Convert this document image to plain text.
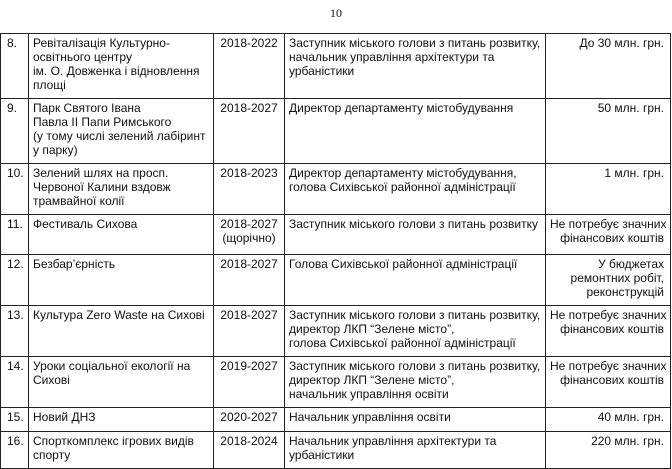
10
8.	Ревіталізація Культурно-
освітнього центру
ім. О. Довженка і відновлення
площі	2018-2022	Заступник міського голови з питань розвитку,
начальник управління архітектури та
урбаністики	До 30 млн. грн.

9.	Парк Святого Івана
Павла II Папи Римського
(у тому числі зелений лабіринт
у парку)	2018-2027	Директор департаменту містобудування	50 млн. грн.

10.	Зелений шлях на просп.
Червоної Калини вздовж
трамвайної колії	2018-2023	Директор департаменту містобудування,
голова Сихівської районної адміністрації	1 млн. грн.

11.	Фестиваль Сихова	2018-2027
(щорічно)	Заступник міського голови з питань розвитку	Не потребує значних
фінансових коштів

12.	Безбар’єрність	2018-2027	Голова Сихівської районної адміністрації	У бюджетах
ремонтних робіт,
реконструкцій

13.	Культура Zero Waste на Сихові	2018-2027	Заступник міського голови з питань розвитку,
директор ЛКП “Зелене місто”,
голова Сихівської районної адміністрації	Не потребує значних
фінансових коштів

14.	Уроки соціальної екології на
Сихові	2019-2027	Заступник міського голови з питань розвитку,
директор ЛКП “Зелене місто”,
начальник управління освіти	Не потребує значних
фінансових коштів

15.	Новий ДНЗ	2020-2027	Начальник управління освіти	40 млн. грн.

16.	Спорткомплекс ігрових видів
спорту	2018-2024	Начальник управління архітектури та
урбаністики	220 млн. грн.
